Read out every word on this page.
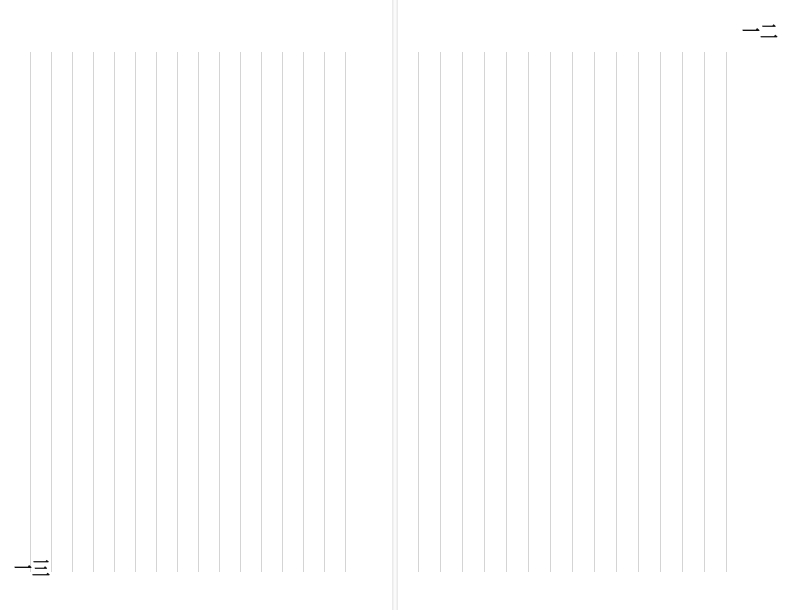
一三
一二
